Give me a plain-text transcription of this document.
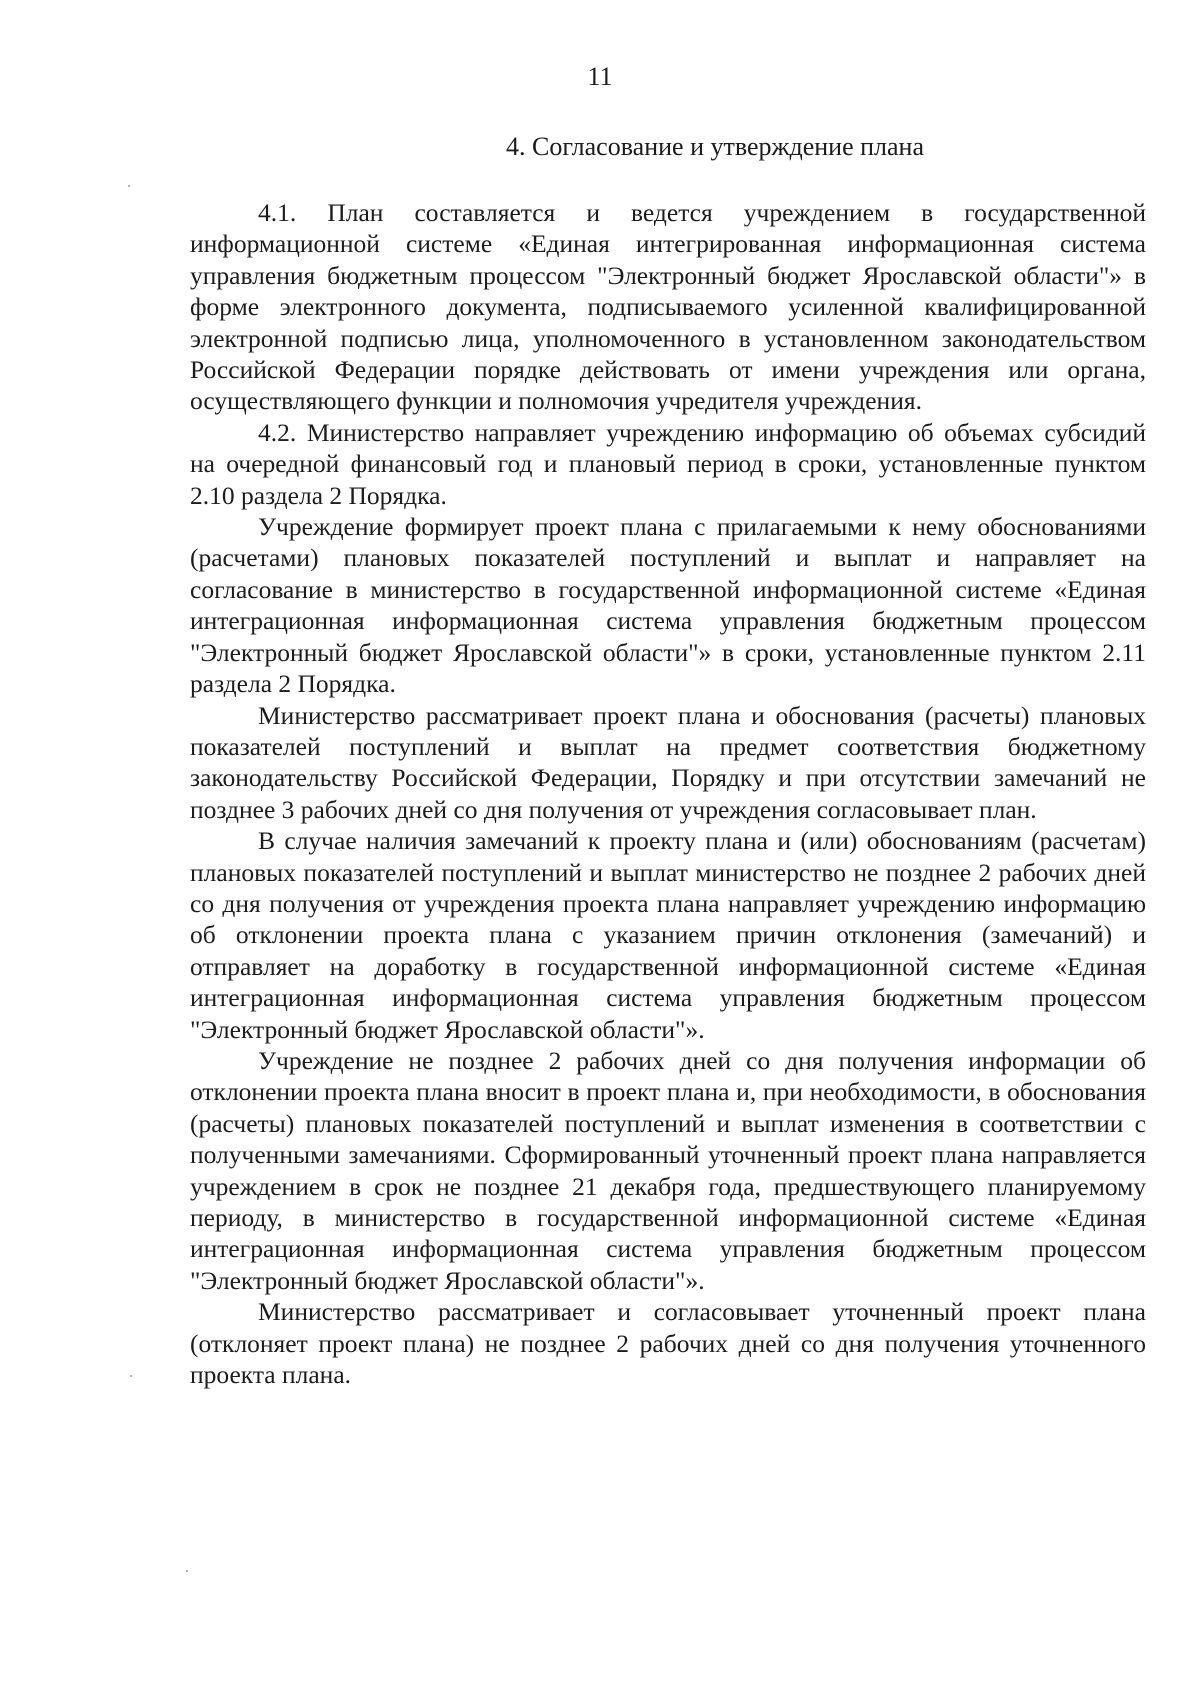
11
4. Согласование и утверждение плана

4.1. План составляется и ведется учреждением в государственной информационной системе «Единая интегрированная информационная система управления бюджетным процессом "Электронный бюджет Ярославской области"» в форме электронного документа, подписываемого усиленной квалифицированной электронной подписью лица, уполномоченного в установленном законодательством Российской Федерации порядке действовать от имени учреждения или органа, осуществляющего функции и полномочия учредителя учреждения.

4.2. Министерство направляет учреждению информацию об объемах субсидий на очередной финансовый год и плановый период в сроки, установленные пунктом 2.10 раздела 2 Порядка.

Учреждение формирует проект плана с прилагаемыми к нему обоснованиями (расчетами) плановых показателей поступлений и выплат и направляет на согласование в министерство в государственной информационной системе «Единая интеграционная информационная система управления бюджетным процессом "Электронный бюджет Ярославской области"» в сроки, установленные пунктом 2.11 раздела 2 Порядка.

Министерство рассматривает проект плана и обоснования (расчеты) плановых показателей поступлений и выплат на предмет соответствия бюджетному законодательству Российской Федерации, Порядку и при отсутствии замечаний не позднее 3 рабочих дней со дня получения от учреждения согласовывает план.

В случае наличия замечаний к проекту плана и (или) обоснованиям (расчетам) плановых показателей поступлений и выплат министерство не позднее 2 рабочих дней со дня получения от учреждения проекта плана направляет учреждению информацию об отклонении проекта плана с указанием причин отклонения (замечаний) и отправляет на доработку в государственной информационной системе «Единая интеграционная информационная система управления бюджетным процессом "Электронный бюджет Ярославской области"».

Учреждение не позднее 2 рабочих дней со дня получения информации об отклонении проекта плана вносит в проект плана и, при необходимости, в обоснования (расчеты) плановых показателей поступлений и выплат изменения в соответствии с полученными замечаниями. Сформированный уточненный проект плана направляется учреждением в срок не позднее 21 декабря года, предшествующего планируемому периоду, в министерство в государственной информационной системе «Единая интеграционная информационная система управления бюджетным процессом "Электронный бюджет Ярославской области"».

Министерство рассматривает и согласовывает уточненный проект плана (отклоняет проект плана) не позднее 2 рабочих дней со дня получения уточненного проекта плана.
